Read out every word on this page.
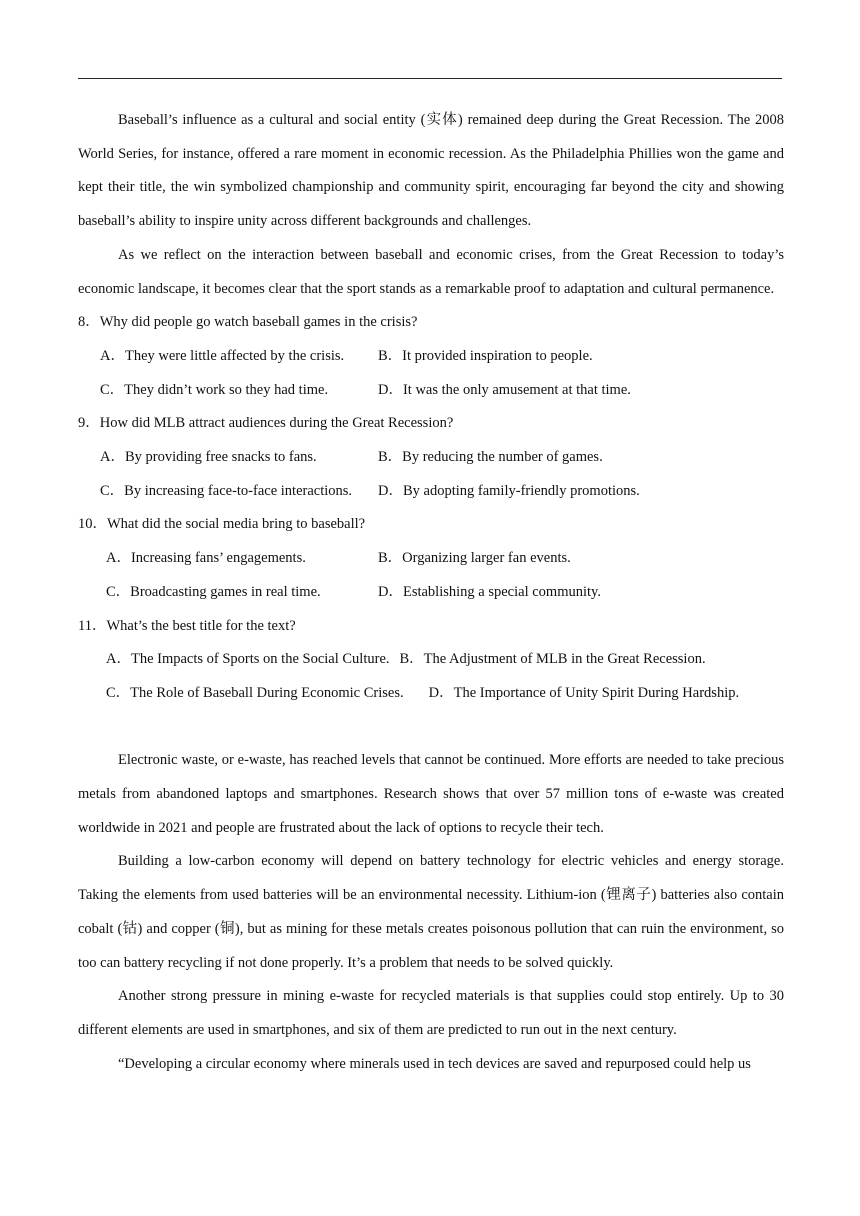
Baseball’s influence as a cultural and social entity (实体) remained deep during the Great Recession. The 2008 World Series, for instance, offered a rare moment in economic recession. As the Philadelphia Phillies won the game and kept their title, the win symbolized championship and community spirit, encouraging far beyond the city and showing baseball’s ability to inspire unity across different backgrounds and challenges.

As we reflect on the interaction between baseball and economic crises, from the Great Recession to today’s economic landscape, it becomes clear that the sport stands as a remarkable proof to adaptation and cultural permanence.

8．Why did people go watch baseball games in the crisis?

A．They were little affected by the crisis.	B．It provided inspiration to people.
C．They didn’t work so they had time.	D．It was the only amusement at that time.

9．How did MLB attract audiences during the Great Recession?

A．By providing free snacks to fans.	B．By reducing the number of games.
C．By increasing face-to-face interactions.	D．By adopting family-friendly promotions.

10．What did the social media bring to baseball?

A．Increasing fans’ engagements.	B．Organizing larger fan events.
C．Broadcasting games in real time.	D．Establishing a special community.

11．What’s the best title for the text?

A．The Impacts of Sports on the Social Culture. B．The Adjustment of MLB in the Great Recession.
C．The Role of Baseball During Economic Crises.	D．The Importance of Unity Spirit During Hardship.

Electronic waste, or e-waste, has reached levels that cannot be continued. More efforts are needed to take precious metals from abandoned laptops and smartphones. Research shows that over 57 million tons of e-waste was created worldwide in 2021 and people are frustrated about the lack of options to recycle their tech.

Building a low-carbon economy will depend on battery technology for electric vehicles and energy storage. Taking the elements from used batteries will be an environmental necessity. Lithium-ion (锂离子) batteries also contain cobalt (钴) and copper (铜), but as mining for these metals creates poisonous pollution that can ruin the environment, so too can battery recycling if not done properly. It’s a problem that needs to be solved quickly.

Another strong pressure in mining e-waste for recycled materials is that supplies could stop entirely. Up to 30 different elements are used in smartphones, and six of them are predicted to run out in the next century.

“Developing a circular economy where minerals used in tech devices are saved and repurposed could help us
